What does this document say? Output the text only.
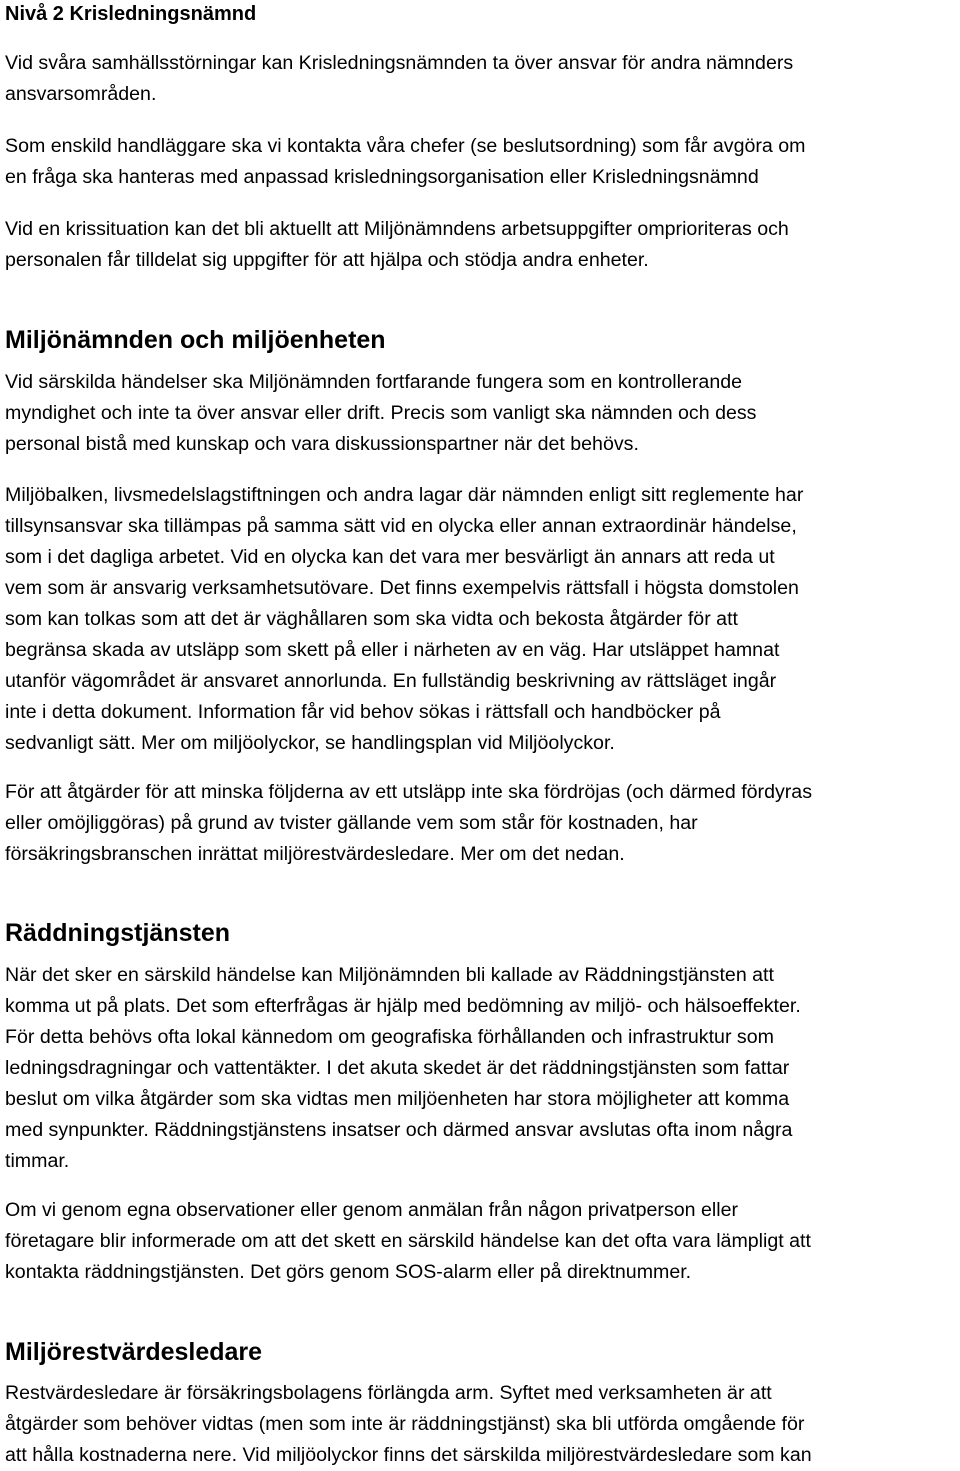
Nivå 2 Krisledningsnämnd
Vid svåra samhällsstörningar kan Krisledningsnämnden ta över ansvar för andra nämnders
ansvarsområden.
Som enskild handläggare ska vi kontakta våra chefer (se beslutsordning) som får avgöra om
en fråga ska hanteras med anpassad krisledningsorganisation eller Krisledningsnämnd
Vid en krissituation kan det bli aktuellt att Miljönämndens arbetsuppgifter omprioriteras och
personalen får tilldelat sig uppgifter för att hjälpa och stödja andra enheter.
Miljönämnden och miljöenheten
Vid särskilda händelser ska Miljönämnden fortfarande fungera som en kontrollerande
myndighet och inte ta över ansvar eller drift. Precis som vanligt ska nämnden och dess
personal bistå med kunskap och vara diskussionspartner när det behövs.
Miljöbalken, livsmedelslagstiftningen och andra lagar där nämnden enligt sitt reglemente har
tillsynsansvar ska tillämpas på samma sätt vid en olycka eller annan extraordinär händelse,
som i det dagliga arbetet. Vid en olycka kan det vara mer besvärligt än annars att reda ut
vem som är ansvarig verksamhetsutövare. Det finns exempelvis rättsfall i högsta domstolen
som kan tolkas som att det är väghållaren som ska vidta och bekosta åtgärder för att
begränsa skada av utsläpp som skett på eller i närheten av en väg. Har utsläppet hamnat
utanför vägområdet är ansvaret annorlunda. En fullständig beskrivning av rättsläget ingår
inte i detta dokument. Information får vid behov sökas i rättsfall och handböcker på
sedvanligt sätt. Mer om miljöolyckor, se handlingsplan vid Miljöolyckor.
För att åtgärder för att minska följderna av ett utsläpp inte ska fördröjas (och därmed fördyras
eller omöjliggöras) på grund av tvister gällande vem som står för kostnaden, har
försäkringsbranschen inrättat miljörestvärdesledare. Mer om det nedan.
Räddningstjänsten
När det sker en särskild händelse kan Miljönämnden bli kallade av Räddningstjänsten att
komma ut på plats. Det som efterfrågas är hjälp med bedömning av miljö- och hälsoeffekter.
För detta behövs ofta lokal kännedom om geografiska förhållanden och infrastruktur som
ledningsdragningar och vattentäkter. I det akuta skedet är det räddningstjänsten som fattar
beslut om vilka åtgärder som ska vidtas men miljöenheten har stora möjligheter att komma
med synpunkter. Räddningstjänstens insatser och därmed ansvar avslutas ofta inom några
timmar.
Om vi genom egna observationer eller genom anmälan från någon privatperson eller
företagare blir informerade om att det skett en särskild händelse kan det ofta vara lämpligt att
kontakta räddningstjänsten. Det görs genom SOS-alarm eller på direktnummer.
Miljörestvärdesledare
Restvärdesledare är försäkringsbolagens förlängda arm. Syftet med verksamheten är att
åtgärder som behöver vidtas (men som inte är räddningstjänst) ska bli utförda omgående för
att hålla kostnaderna nere. Vid miljöolyckor finns det särskilda miljörestvärdesledare som kan
